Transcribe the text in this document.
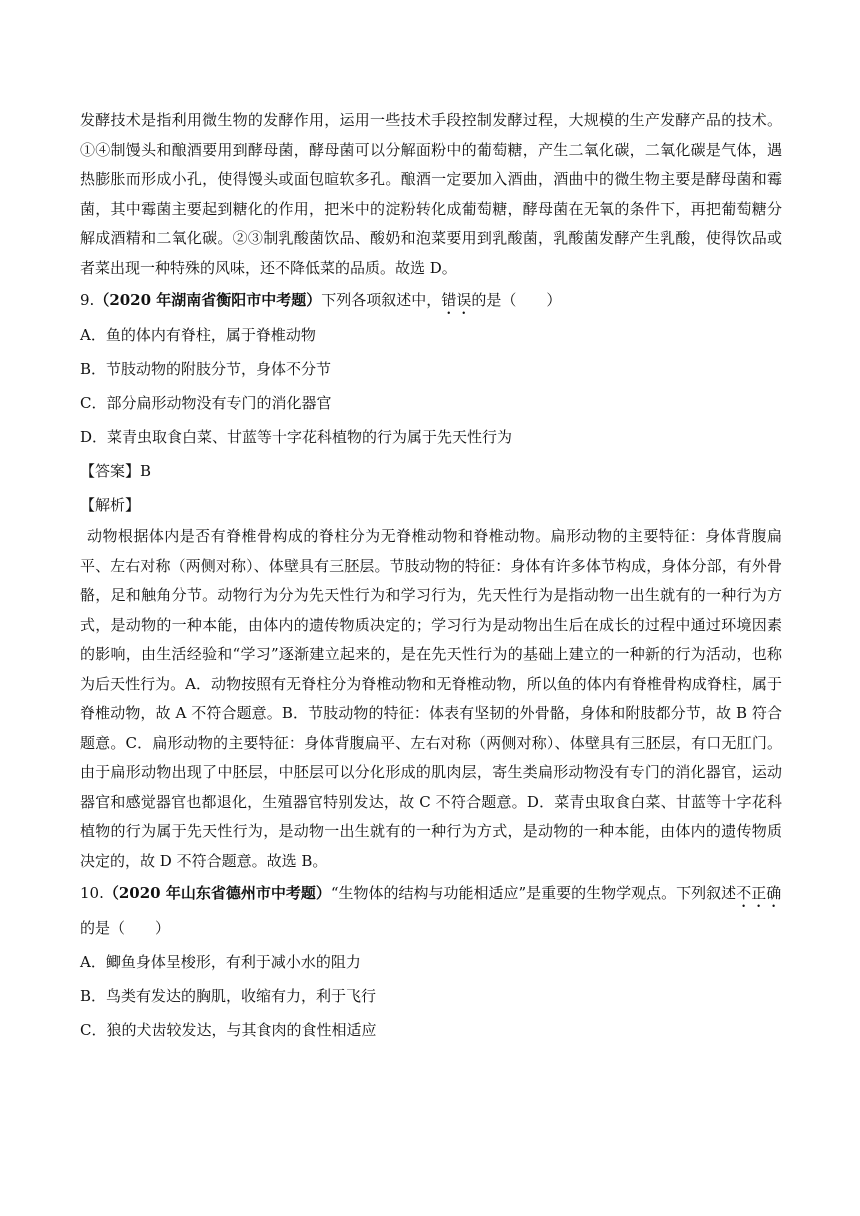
发酵技术是指利用微生物的发酵作用，运用一些技术手段控制发酵过程，大规模的生产发酵产品的技术。①④制馒头和酿酒要用到酵母菌，酵母菌可以分解面粉中的葡萄糖，产生二氧化碳，二氧化碳是气体，遇热膨胀而形成小孔，使得馒头或面包暄软多孔。酿酒一定要加入酒曲，酒曲中的微生物主要是酵母菌和霉菌，其中霉菌主要起到糖化的作用，把米中的淀粉转化成葡萄糖，酵母菌在无氧的条件下，再把葡萄糖分解成酒精和二氧化碳。②③制乳酸菌饮品、酸奶和泡菜要用到乳酸菌，乳酸菌发酵产生乳酸，使得饮品或者菜出现一种特殊的风味，还不降低菜的品质。故选 D。

9.（2020 年湖南省衡阳市中考题）下列各项叙述中，错误的是（　　）

A．鱼的体内有脊柱，属于脊椎动物

B．节肢动物的附肢分节，身体不分节

C．部分扁形动物没有专门的消化器官

D．菜青虫取食白菜、甘蓝等十字花科植物的行为属于先天性行为

【答案】B

【解析】

动物根据体内是否有脊椎骨构成的脊柱分为无脊椎动物和脊椎动物。扁形动物的主要特征：身体背腹扁平、左右对称（两侧对称）、体壁具有三胚层。节肢动物的特征：身体有许多体节构成，身体分部，有外骨骼，足和触角分节。动物行为分为先天性行为和学习行为，先天性行为是指动物一出生就有的一种行为方式，是动物的一种本能，由体内的遗传物质决定的；学习行为是动物出生后在成长的过程中通过环境因素的影响，由生活经验和“学习”逐渐建立起来的，是在先天性行为的基础上建立的一种新的行为活动，也称为后天性行为。A．动物按照有无脊柱分为脊椎动物和无脊椎动物，所以鱼的体内有脊椎骨构成脊柱，属于脊椎动物，故 A 不符合题意。B．节肢动物的特征：体表有坚韧的外骨骼，身体和附肢都分节，故 B 符合题意。C．扁形动物的主要特征：身体背腹扁平、左右对称（两侧对称）、体壁具有三胚层，有口无肛门。由于扁形动物出现了中胚层，中胚层可以分化形成的肌肉层，寄生类扁形动物没有专门的消化器官，运动器官和感觉器官也都退化，生殖器官特别发达，故 C 不符合题意。D．菜青虫取食白菜、甘蓝等十字花科植物的行为属于先天性行为，是动物一出生就有的一种行为方式，是动物的一种本能，由体内的遗传物质决定的，故 D 不符合题意。故选 B。

10.（2020 年山东省德州市中考题）“生物体的结构与功能相适应”是重要的生物学观点。下列叙述不正确的是（　　）

A．鲫鱼身体呈梭形，有利于减小水的阻力

B．鸟类有发达的胸肌，收缩有力，利于飞行

C．狼的犬齿较发达，与其食肉的食性相适应
